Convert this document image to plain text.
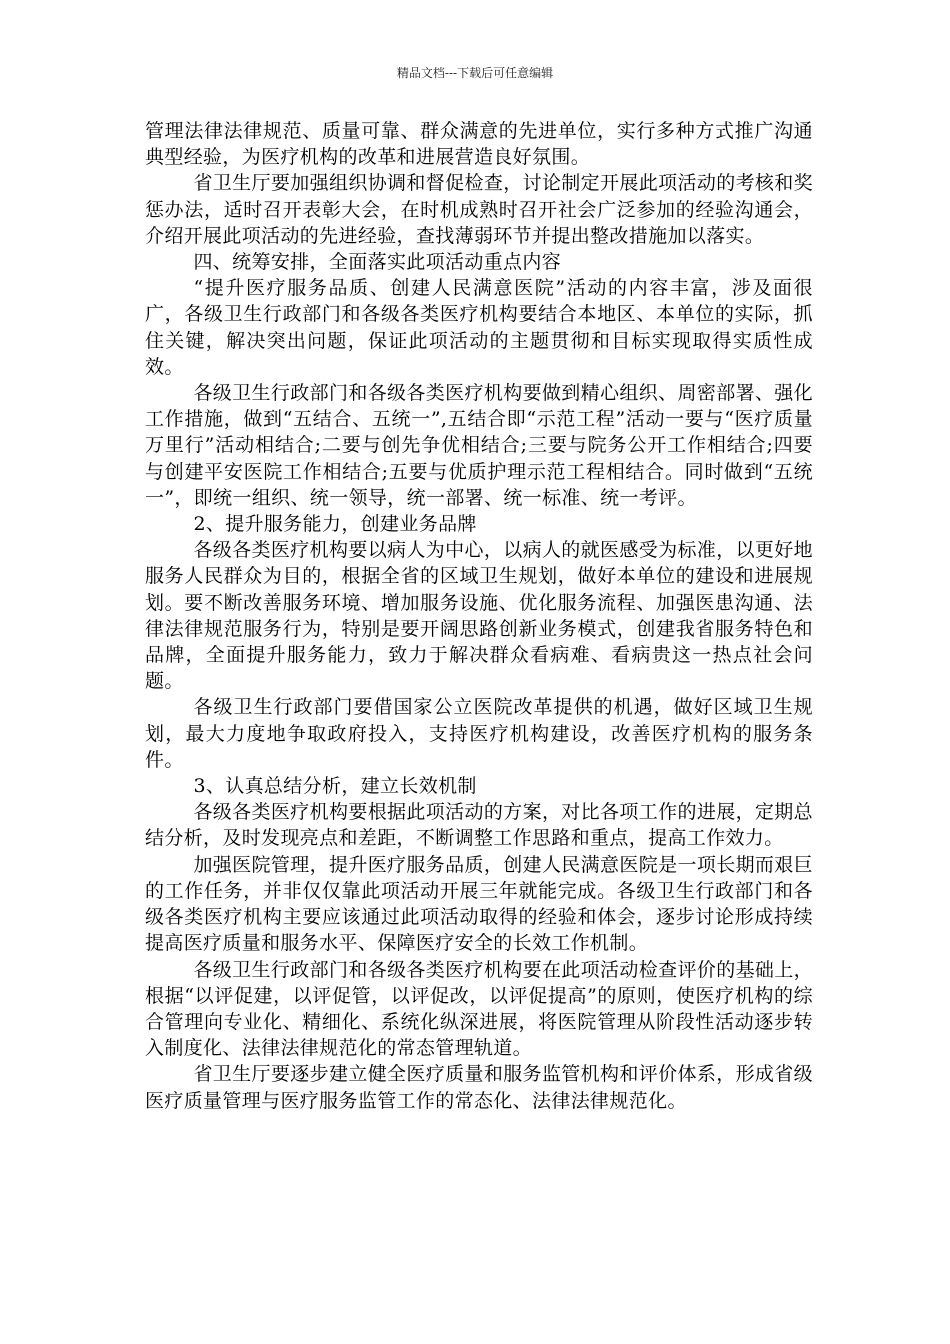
精品文档---下载后可任意编辑

管理法律法律规范、质量可靠、群众满意的先进单位，实行多种方式推广沟通典型经验，为医疗机构的改革和进展营造良好氛围。

省卫生厅要加强组织协调和督促检查，讨论制定开展此项活动的考核和奖惩办法，适时召开表彰大会，在时机成熟时召开社会广泛参加的经验沟通会，介绍开展此项活动的先进经验，查找薄弱环节并提出整改措施加以落实。

四、统筹安排，全面落实此项活动重点内容

“提升医疗服务品质、创建人民满意医院”活动的内容丰富，涉及面很广，各级卫生行政部门和各级各类医疗机构要结合本地区、本单位的实际，抓住关键，解决突出问题，保证此项活动的主题贯彻和目标实现取得实质性成效。

各级卫生行政部门和各级各类医疗机构要做到精心组织、周密部署、强化工作措施，做到“五结合、五统一”,五结合即“示范工程”活动一要与“医疗质量万里行”活动相结合;二要与创先争优相结合;三要与院务公开工作相结合;四要与创建平安医院工作相结合;五要与优质护理示范工程相结合。同时做到“五统一”，即统一组织、统一领导，统一部署、统一标准、统一考评。

2、提升服务能力，创建业务品牌

各级各类医疗机构要以病人为中心，以病人的就医感受为标准，以更好地服务人民群众为目的，根据全省的区域卫生规划，做好本单位的建设和进展规划。要不断改善服务环境、增加服务设施、优化服务流程、加强医患沟通、法律法律规范服务行为，特别是要开阔思路创新业务模式，创建我省服务特色和品牌，全面提升服务能力，致力于解决群众看病难、看病贵这一热点社会问题。

各级卫生行政部门要借国家公立医院改革提供的机遇，做好区域卫生规划，最大力度地争取政府投入，支持医疗机构建设，改善医疗机构的服务条件。

3、认真总结分析，建立长效机制

各级各类医疗机构要根据此项活动的方案，对比各项工作的进展，定期总结分析，及时发现亮点和差距，不断调整工作思路和重点，提高工作效力。

加强医院管理，提升医疗服务品质，创建人民满意医院是一项长期而艰巨的工作任务，并非仅仅靠此项活动开展三年就能完成。各级卫生行政部门和各级各类医疗机构主要应该通过此项活动取得的经验和体会，逐步讨论形成持续提高医疗质量和服务水平、保障医疗安全的长效工作机制。

各级卫生行政部门和各级各类医疗机构要在此项活动检查评价的基础上，根据“以评促建，以评促管，以评促改，以评促提高”的原则，使医疗机构的综合管理向专业化、精细化、系统化纵深进展，将医院管理从阶段性活动逐步转入制度化、法律法律规范化的常态管理轨道。

省卫生厅要逐步建立健全医疗质量和服务监管机构和评价体系，形成省级医疗质量管理与医疗服务监管工作的常态化、法律法律规范化。
